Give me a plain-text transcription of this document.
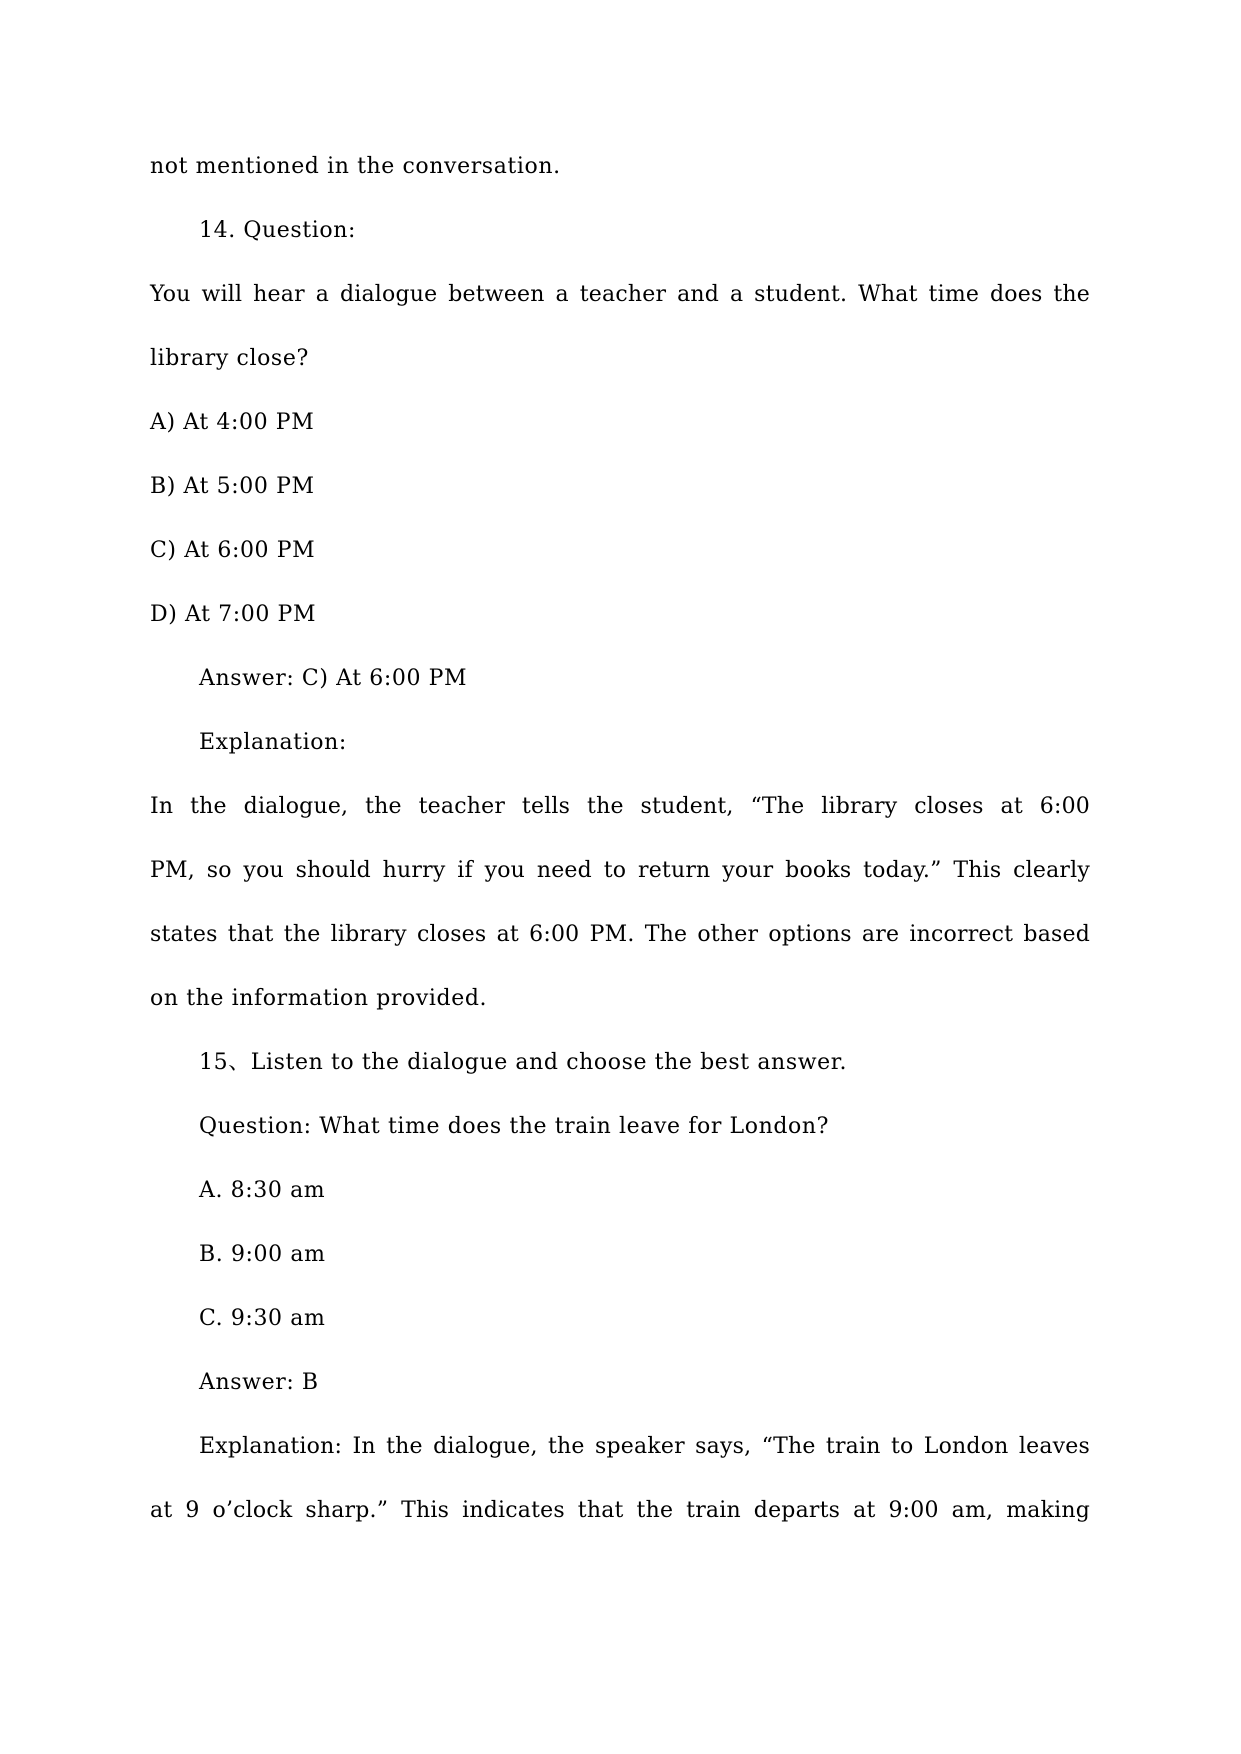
not mentioned in the conversation.
14. Question:
You will hear a dialogue between a teacher and a student. What time does the
library close?
A) At 4:00 PM
B) At 5:00 PM
C) At 6:00 PM
D) At 7:00 PM
Answer: C) At 6:00 PM
Explanation:
In the dialogue, the teacher tells the student, “The library closes at 6:00
PM, so you should hurry if you need to return your books today.” This clearly
states that the library closes at 6:00 PM. The other options are incorrect based
on the information provided.
15、Listen to the dialogue and choose the best answer.
Question: What time does the train leave for London?
A. 8:30 am
B. 9:00 am
C. 9:30 am
Answer: B
Explanation: In the dialogue, the speaker says, “The train to London leaves
at 9 o’clock sharp.” This indicates that the train departs at 9:00 am, making
